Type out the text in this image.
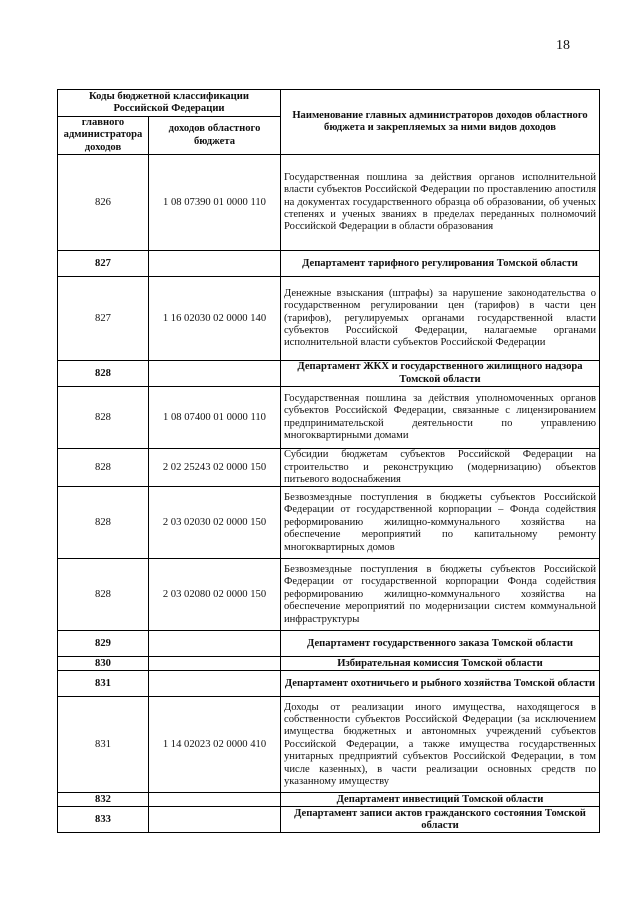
18
Коды бюджетной классификации Российской Федерации		Наименование главных администраторов доходов областного бюджета и закрепляемых за ними видов доходов
главного администратора доходов	доходов областного бюджета	
826	1 08 07390 01 0000 110	Государственная пошлина за действия органов исполнительной власти субъектов Российской Федерации по проставлению апостиля на документах государственного образца об образовании, об ученых степенях и ученых званиях в пределах переданных полномочий Российской Федерации в области образования
827		Департамент тарифного регулирования Томской области
827	1 16 02030 02 0000 140	Денежные взыскания (штрафы) за нарушение законодательства о государственном регулировании цен (тарифов) в части цен (тарифов), регулируемых органами государственной власти субъектов Российской Федерации, налагаемые органами исполнительной власти субъектов Российской Федерации
828		Департамент ЖКХ и государственного жилищного надзора Томской области
828	1 08 07400 01 0000 110	Государственная пошлина за действия уполномоченных органов субъектов Российской Федерации, связанные с лицензированием предпринимательской деятельности по управлению многоквартирными домами
828	2 02 25243 02 0000 150	Субсидии бюджетам субъектов Российской Федерации на строительство и реконструкцию (модернизацию) объектов питьевого водоснабжения
828	2 03 02030 02 0000 150	Безвозмездные поступления в бюджеты субъектов Российской Федерации от государственной корпорации – Фонда содействия реформированию жилищно-коммунального хозяйства на обеспечение мероприятий по капитальному ремонту многоквартирных домов
828	2 03 02080 02 0000 150	Безвозмездные поступления в бюджеты субъектов Российской Федерации от государственной корпорации Фонда содействия реформированию жилищно-коммунального хозяйства на обеспечение мероприятий по модернизации систем коммунальной инфраструктуры
829		Департамент государственного заказа Томской области
830		Избирательная комиссия Томской области
831		Департамент охотничьего и рыбного хозяйства Томской области
831	1 14 02023 02 0000 410	Доходы от реализации иного имущества, находящегося в собственности субъектов Российской Федерации (за исключением имущества бюджетных и автономных учреждений субъектов Российской Федерации, а также имущества государственных унитарных предприятий субъектов Российской Федерации, в том числе казенных), в части реализации основных средств по указанному имуществу
832		Департамент инвестиций Томской области
833		Департамент записи актов гражданского состояния Томской области
